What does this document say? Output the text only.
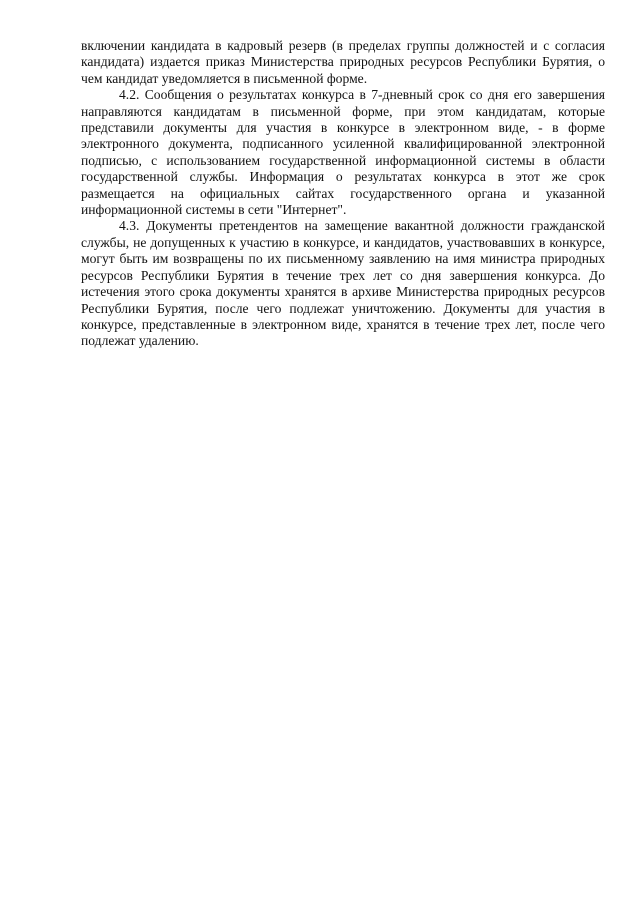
включении кандидата в кадровый резерв (в пределах группы должностей и с согласия кандидата) издается приказ Министерства природных ресурсов Республики Бурятия, о чем кандидат уведомляется в письменной форме.

4.2. Сообщения о результатах конкурса в 7-дневный срок со дня его завершения направляются кандидатам в письменной форме, при этом кандидатам, которые представили документы для участия в конкурсе в электронном виде, - в форме электронного документа, подписанного усиленной квалифицированной электронной подписью, с использованием государственной информационной системы в области государственной службы. Информация о результатах конкурса в этот же срок размещается на официальных сайтах государственного органа и указанной информационной системы в сети "Интернет".

4.3. Документы претендентов на замещение вакантной должности гражданской службы, не допущенных к участию в конкурсе, и кандидатов, участвовавших в конкурсе, могут быть им возвращены по их письменному заявлению на имя министра природных ресурсов Республики Бурятия в течение трех лет со дня завершения конкурса. До истечения этого срока документы хранятся в архиве Министерства природных ресурсов Республики Бурятия, после чего подлежат уничтожению. Документы для участия в конкурсе, представленные в электронном виде, хранятся в течение трех лет, после чего подлежат удалению.
